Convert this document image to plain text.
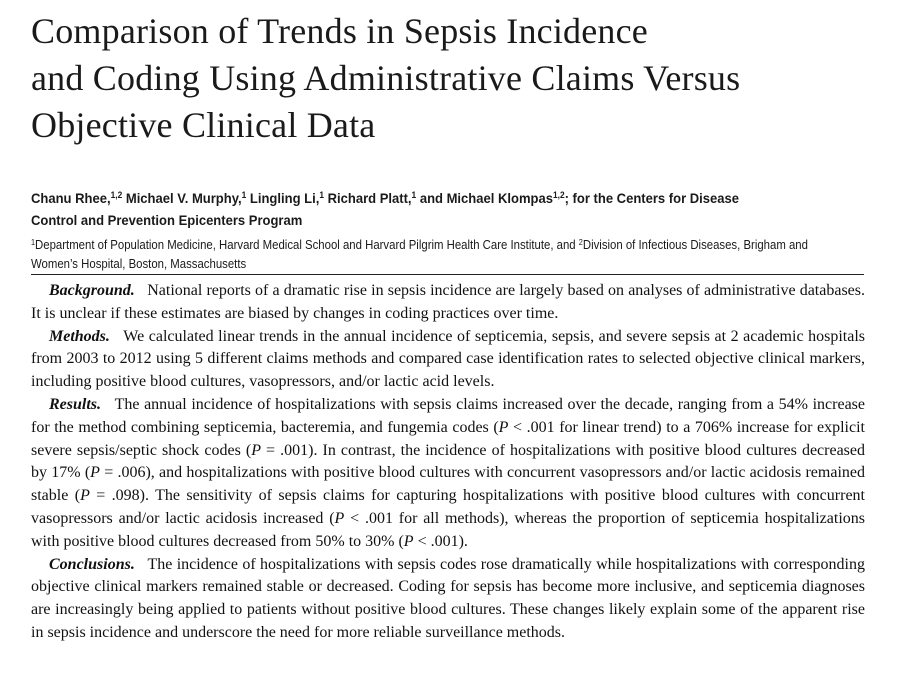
Comparison of Trends in Sepsis Incidence
and Coding Using Administrative Claims Versus
Objective Clinical Data
Chanu Rhee,$^{1,2}$ Michael V. Murphy,$^1$ Lingling Li,$^1$ Richard Platt,$^1$ and Michael Klompas$^{1,2}$; for the Centers for Disease
Control and Prevention Epicenters Program
$^1$Department of Population Medicine, Harvard Medical School and Harvard Pilgrim Health Care Institute, and $^2$Division of Infectious Diseases, Brigham and
Women’s Hospital, Boston, Massachusetts

Background. National reports of a dramatic rise in sepsis incidence are largely based on analyses of administrative databases. It is unclear if these estimates are biased by changes in coding practices over time.

Methods. We calculated linear trends in the annual incidence of septicemia, sepsis, and severe sepsis at 2 academic hospitals from 2003 to 2012 using 5 different claims methods and compared case identification rates to selected objective clinical markers, including positive blood cultures, vasopressors, and/or lactic acid levels.

Results. The annual incidence of hospitalizations with sepsis claims increased over the decade, ranging from a 54% increase for the method combining septicemia, bacteremia, and fungemia codes (P < .001 for linear trend) to a 706% increase for explicit severe sepsis/septic shock codes (P = .001). In contrast, the incidence of hospitalizations with positive blood cultures decreased by 17% (P = .006), and hospitalizations with positive blood cultures with concurrent vasopressors and/or lactic acidosis remained stable (P = .098). The sensitivity of sepsis claims for capturing hospitalizations with positive blood cultures with concurrent vasopressors and/or lactic acidosis increased (P < .001 for all methods), whereas the proportion of septicemia hospitalizations with positive blood cultures decreased from 50% to 30% (P < .001).

Conclusions. The incidence of hospitalizations with sepsis codes rose dramatically while hospitalizations with corresponding objective clinical markers remained stable or decreased. Coding for sepsis has become more inclusive, and septicemia diagnoses are increasingly being applied to patients without positive blood cultures. These changes likely explain some of the apparent rise in sepsis incidence and underscore the need for more reliable surveillance methods.
